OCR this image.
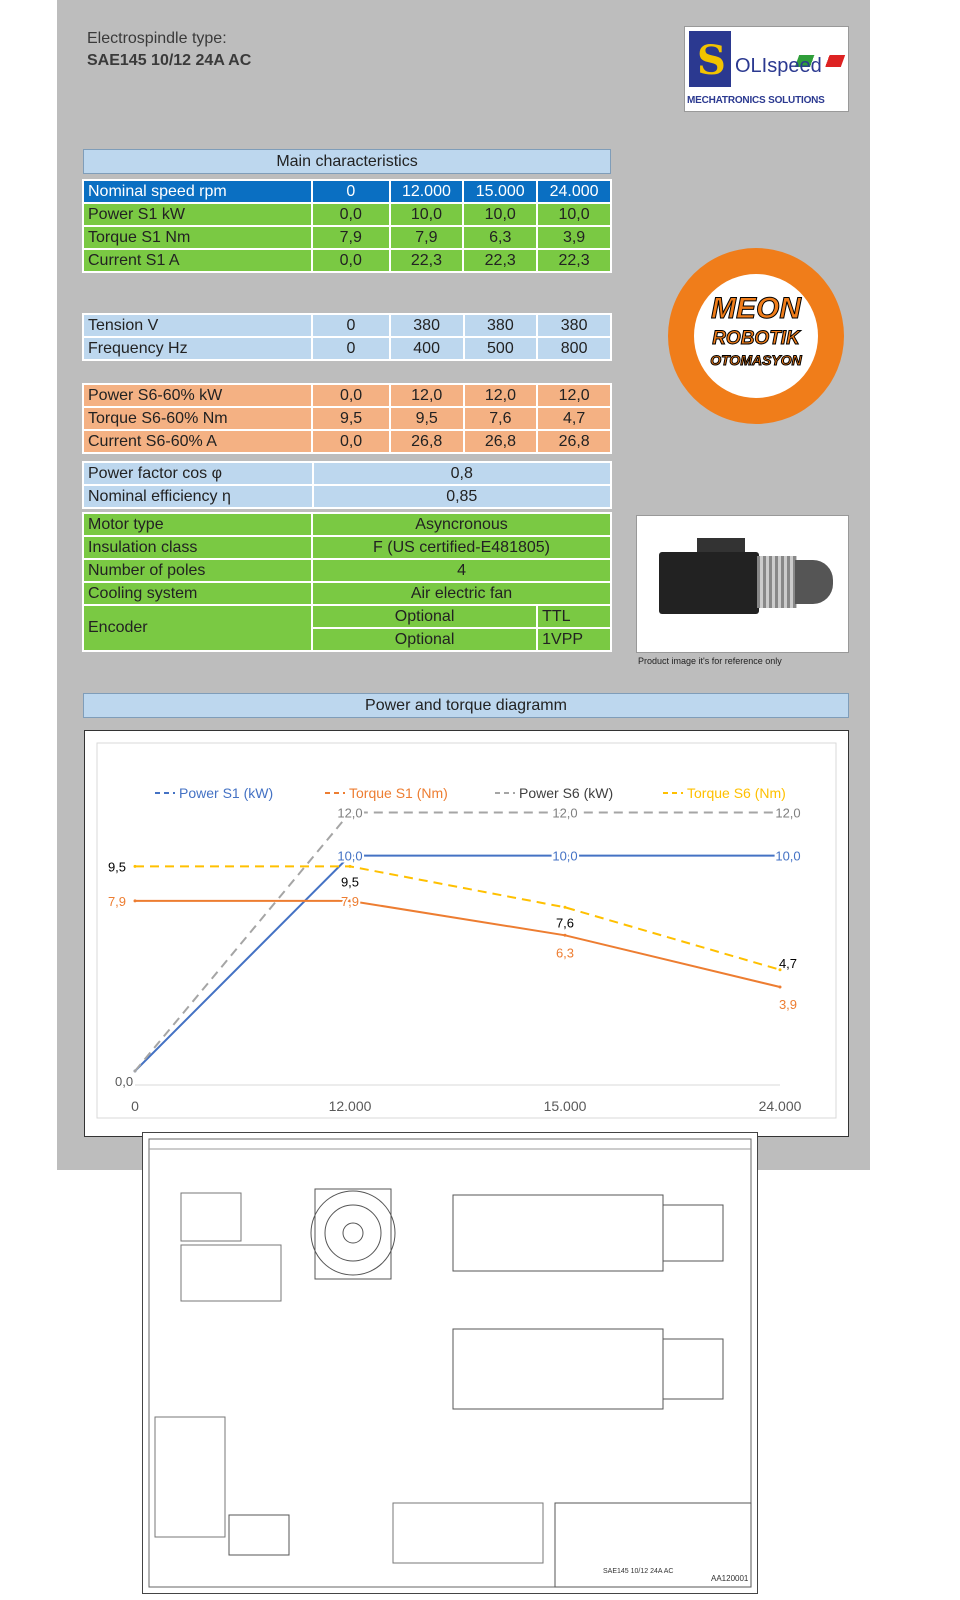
Electrospindle type:
SAE145 10/12 24A AC	S OLIspeed
MECHATRONICS SOLUTIONS
Main characteristics
Nominal speed rpm	0	12.000	15.000	24.000
Power S1 kW	0,0	10,0	10,0	10,0
Torque S1 Nm	7,9	7,9	6,3	3,9
Current S1 A	0,0	22,3	22,3	22,3
Tension V	0	380	380	380
Frequency Hz	0	400	500	800
Power S6-60% kW	0,0	12,0	12,0	12,0
Torque S6-60% Nm	9,5	9,5	7,6	4,7
Current S6-60% A	0,0	26,8	26,8	26,8
Power factor cos φ	0,8
Nominal efficiency η	0,85
Motor type	Asyncronous	
Insulation class	F (US certified-E481805)	
Number of poles	4	
Cooling system	Air electric fan	
Encoder	Optional	TTL
	Optional	1VPP
MEON
ROBOTIK
OTOMASYON
Product image it's for reference only
Power and torque diagramm
0,0
0	12.000	15.000	24.000
Power S1 (kW)	Torque S1 (Nm)	Power S6 (kW)	Torque S6 (Nm)
10,0	10,0	10,0
7,9	7,9
6,3
3,9
12,0	12,0	12,0
9,5
9,5
7,6
4,7
AA120001
SAE145 10/12 24A AC
